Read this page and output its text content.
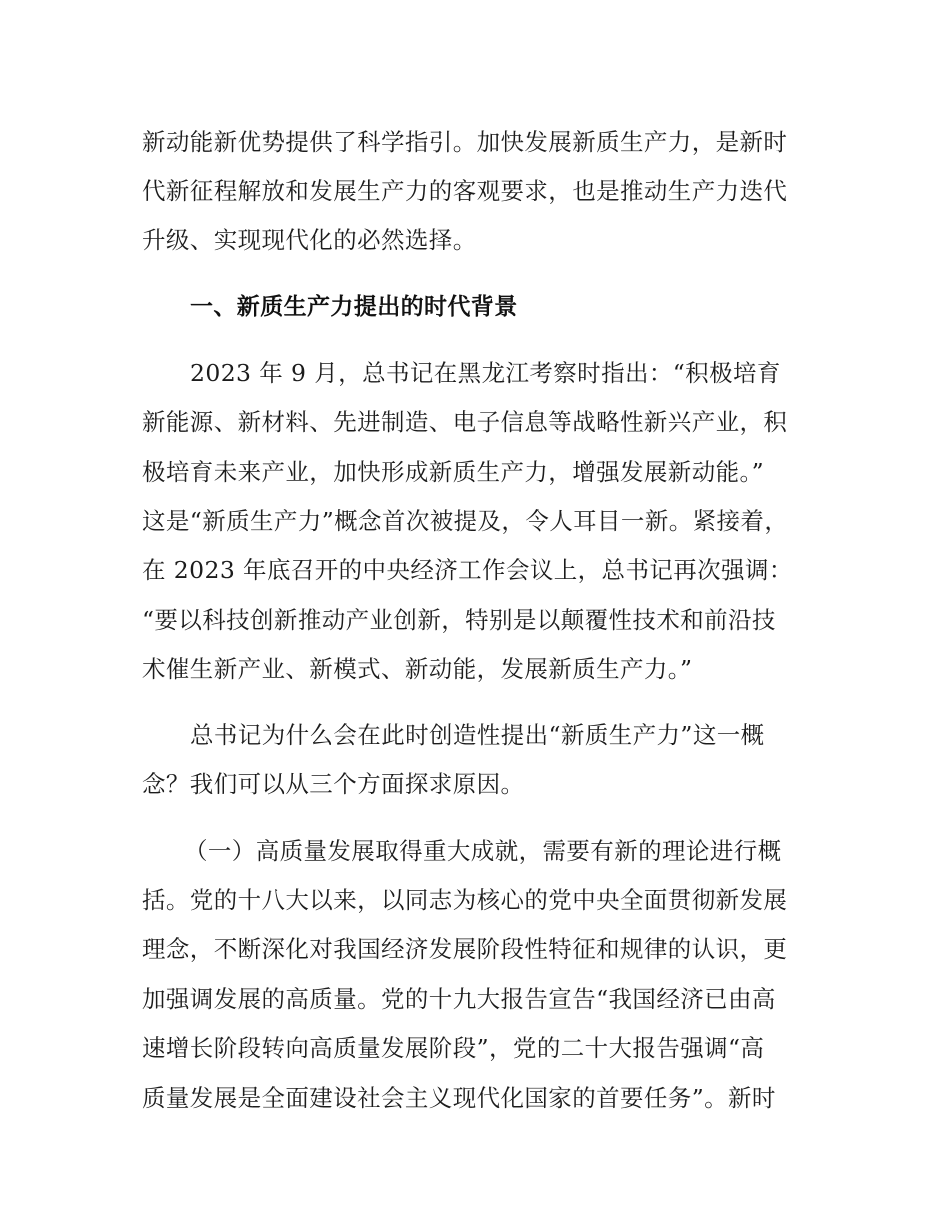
新动能新优势提供了科学指引。加快发展新质生产力，是新时

代新征程解放和发展生产力的客观要求，也是推动生产力迭代

升级、实现现代化的必然选择。

一、新质生产力提出的时代背景

2023 年 9 月，总书记在黑龙江考察时指出：“积极培育

新能源、新材料、先进制造、电子信息等战略性新兴产业，积

极培育未来产业，加快形成新质生产力，增强发展新动能。”

这是“新质生产力”概念首次被提及，令人耳目一新。紧接着，

在 2023 年底召开的中央经济工作会议上，总书记再次强调：

“要以科技创新推动产业创新，特别是以颠覆性技术和前沿技

术催生新产业、新模式、新动能，发展新质生产力。”

总书记为什么会在此时创造性提出“新质生产力”这一概

念？我们可以从三个方面探求原因。

（一）高质量发展取得重大成就，需要有新的理论进行概

括。党的十八大以来，以同志为核心的党中央全面贯彻新发展

理念，不断深化对我国经济发展阶段性特征和规律的认识，更

加强调发展的高质量。党的十九大报告宣告“我国经济已由高

速增长阶段转向高质量发展阶段”，党的二十大报告强调“高

质量发展是全面建设社会主义现代化国家的首要任务”。新时
